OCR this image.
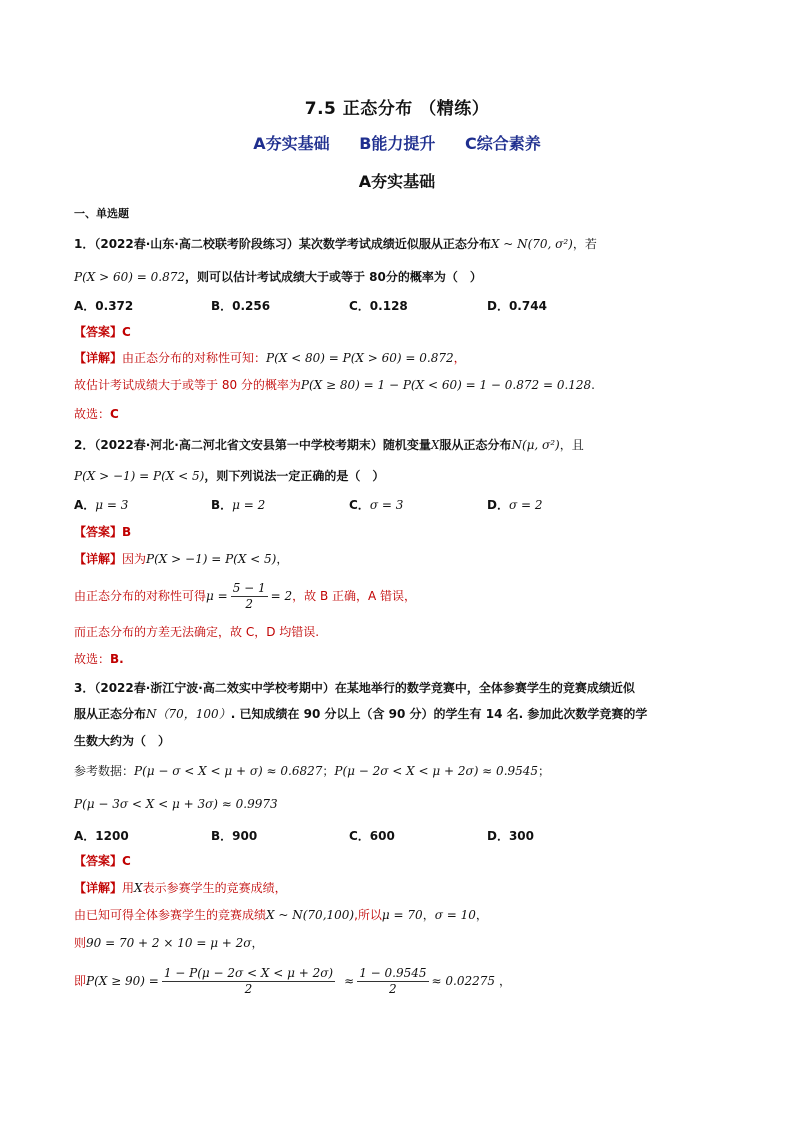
7.5 正态分布 （精练）
A夯实基础 B能力提升 C综合素养
A夯实基础
一、单选题
1．（2022春·山东·高二校联考阶段练习）某次数学考试成绩近似服从正态分布X ~ N(70, σ²)，若
P(X > 60) = 0.872，则可以估计考试成绩大于或等于 80分的概率为（　）
A．0.372	B．0.256	C．0.128	D．0.744
【答案】C
【详解】由正态分布的对称性可知：P(X < 80) = P(X > 60) = 0.872，
故估计考试成绩大于或等于 80 分的概率为P(X ≥ 80) = 1 − P(X < 60) = 1 − 0.872 = 0.128.
故选：C
2．（2022春·河北·高二河北省文安县第一中学校考期末）随机变量X服从正态分布N(μ, σ²)，且
P(X > −1) = P(X < 5)，则下列说法一定正确的是（　）
A．μ = 3	B．μ = 2	C．σ = 3	D．σ = 2
【答案】B
【详解】因为P(X > −1) = P(X < 5)，
由正态分布的对称性可得$\mu = \frac{5 - 1}{2} = 2$，故 B 正确，A 错误，
而正态分布的方差无法确定，故 C，D 均错误.
故选：B.
3．（2022春·浙江宁波·高二效实中学校考期中）在某地举行的数学竞赛中，全体参赛学生的竞赛成绩近似
服从正态分布N（70，100）. 已知成绩在 90 分以上（含 90 分）的学生有 14 名. 参加此次数学竞赛的学
生数大约为（　）
参考数据：P(μ − σ < X < μ + σ) ≈ 0.6827；P(μ − 2σ < X < μ + 2σ) ≈ 0.9545；
P(μ − 3σ < X < μ + 3σ) ≈ 0.9973
A．1200	B．900	C．600	D．300
【答案】C
【详解】用X表示参赛学生的竞赛成绩，
由已知可得全体参赛学生的竞赛成绩X ~ N(70,100),所以μ = 70，σ = 10，
则90 = 70 + 2 × 10 = μ + 2σ，
即$P(X \ge 90) = \frac{1 - P(\mu - 2\sigma < X < \mu + 2\sigma)}{2} \approx \frac{1 - 0.9545}{2} \approx 0.02275$ ，
